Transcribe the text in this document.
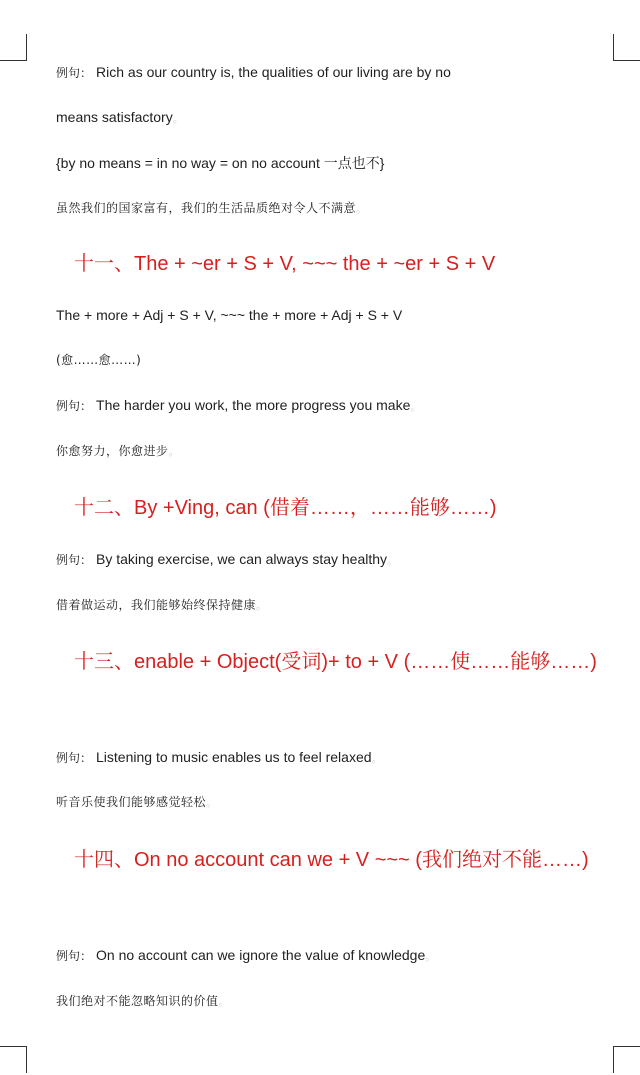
例句： Rich as our country is, the qualities of our living are by no
means satisfactory。
{by no means = in no way = on no account 一点也不}
虽然我们的国家富有，我们的生活品质绝对令人不满意。
十一、The + ~er + S + V, ~~~ the + ~er + S + V
The + more + Adj + S + V, ~~~ the + more + Adj + S + V
(愈……愈……)
例句： The harder you work, the more progress you make。
你愈努力，你愈进步。
十二、By +Ving, can (借着……，……能够……)
例句： By taking exercise, we can always stay healthy。
借着做运动，我们能够始终保持健康。
十三、enable + Object(受词)+ to + V (……使……能够……)
例句： Listening to music enables us to feel relaxed。
听音乐使我们能够感觉轻松。
十四、On no account can we + V ~~~ (我们绝对不能……)
例句： On no account can we ignore the value of knowledge。
我们绝对不能忽略知识的价值。
